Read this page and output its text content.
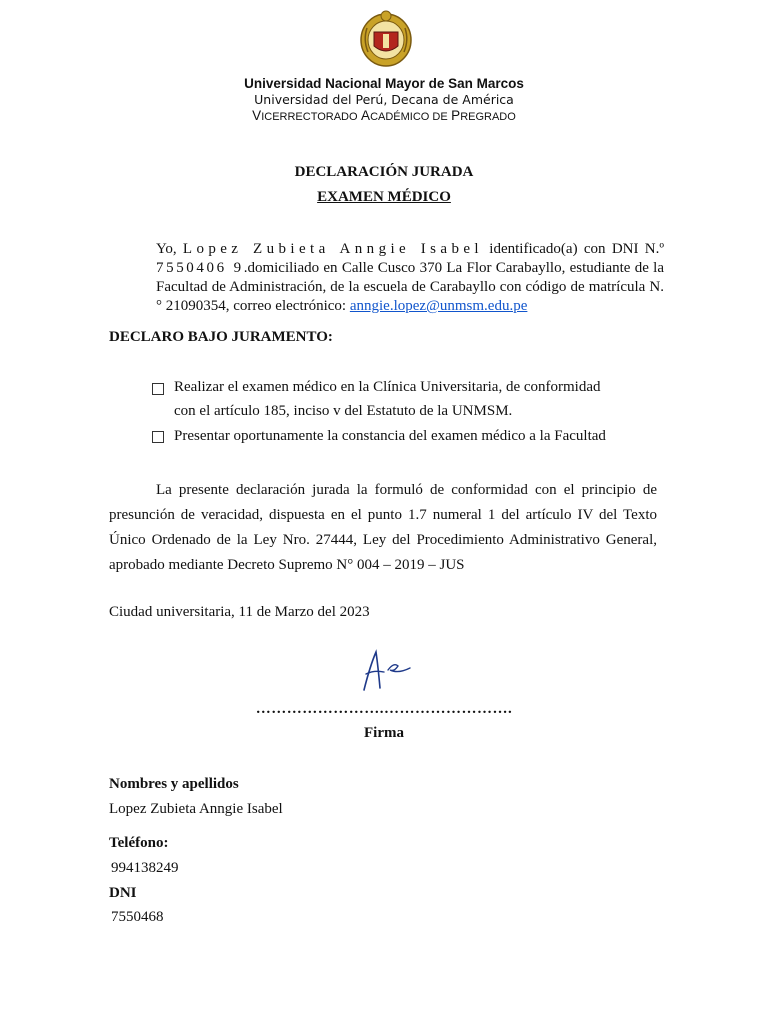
Universidad Nacional Mayor de San Marcos
Universidad del Perú, Decana de América
VICERRECTORADO ACADÉMICO DE PREGRADO
DECLARACIÓN JURADA
EXAMEN MÉDICO
Yo, Lopez Zubieta Anngie Isabel identificado(a) con DNI N.º 7550406 9.domiciliado en Calle Cusco 370 La Flor Carabayllo, estudiante de la Facultad de Administración, de la escuela de Carabayllo con código de matrícula N.° 21090354, correo electrónico: anngie.lopez@unmsm.edu.pe
DECLARO BAJO JURAMENTO:
Realizar el examen médico en la Clínica Universitaria, de conformidad
con el artículo 185, inciso v del Estatuto de la UNMSM.
Presentar oportunamente la constancia del examen médico a la Facultad
La presente declaración jurada la formuló de conformidad con el principio de presunción de veracidad, dispuesta en el punto 1.7 numeral 1 del artículo IV del Texto Único Ordenado de la Ley Nro. 27444, Ley del Procedimiento Administrativo General, aprobado mediante Decreto Supremo N° 004 – 2019 – JUS
Ciudad universitaria, 11 de Marzo del 2023
…………………….…………………….
Firma
Nombres y apellidos
Lopez Zubieta Anngie Isabel
Teléfono:
994138249
DNI
7550468
